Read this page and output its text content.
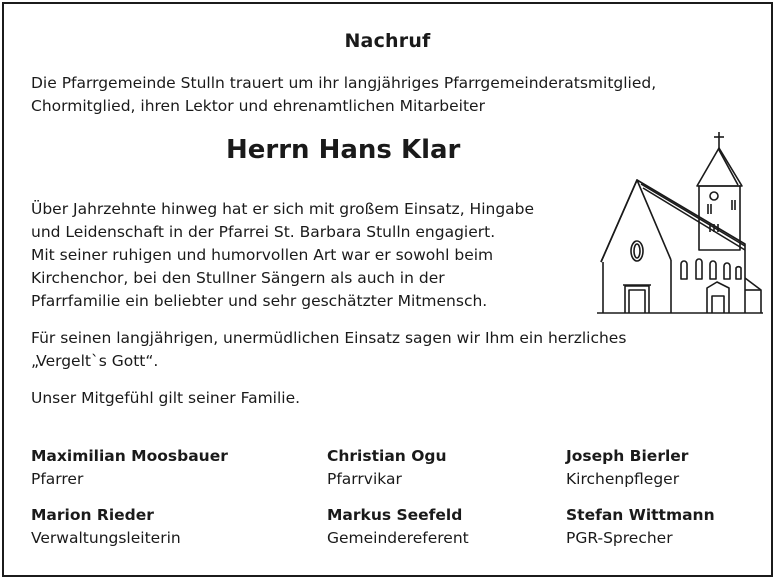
Nachruf
Die Pfarrgemeinde Stulln trauert um ihr langjähriges Pfarrgemeinderatsmitglied,
Chormitglied, ihren Lektor und ehrenamtlichen Mitarbeiter
Herrn Hans Klar
Über Jahrzehnte hinweg hat er sich mit großem Einsatz, Hingabe
und Leidenschaft in der Pfarrei St. Barbara Stulln engagiert.
Mit seiner ruhigen und humorvollen Art war er sowohl beim
Kirchenchor, bei den Stullner Sängern als auch in der
Pfarrfamilie ein beliebter und sehr geschätzter Mitmensch.
Für seinen langjährigen, unermüdlichen Einsatz sagen wir Ihm ein herzliches
„Vergelt`s Gott“.
Unser Mitgefühl gilt seiner Familie.
Maximilian Moosbauer
Pfarrer
Christian Ogu
Pfarrvikar
Joseph Bierler
Kirchenpfleger
Marion Rieder
Verwaltungsleiterin
Markus Seefeld
Gemeindereferent
Stefan Wittmann
PGR-Sprecher
